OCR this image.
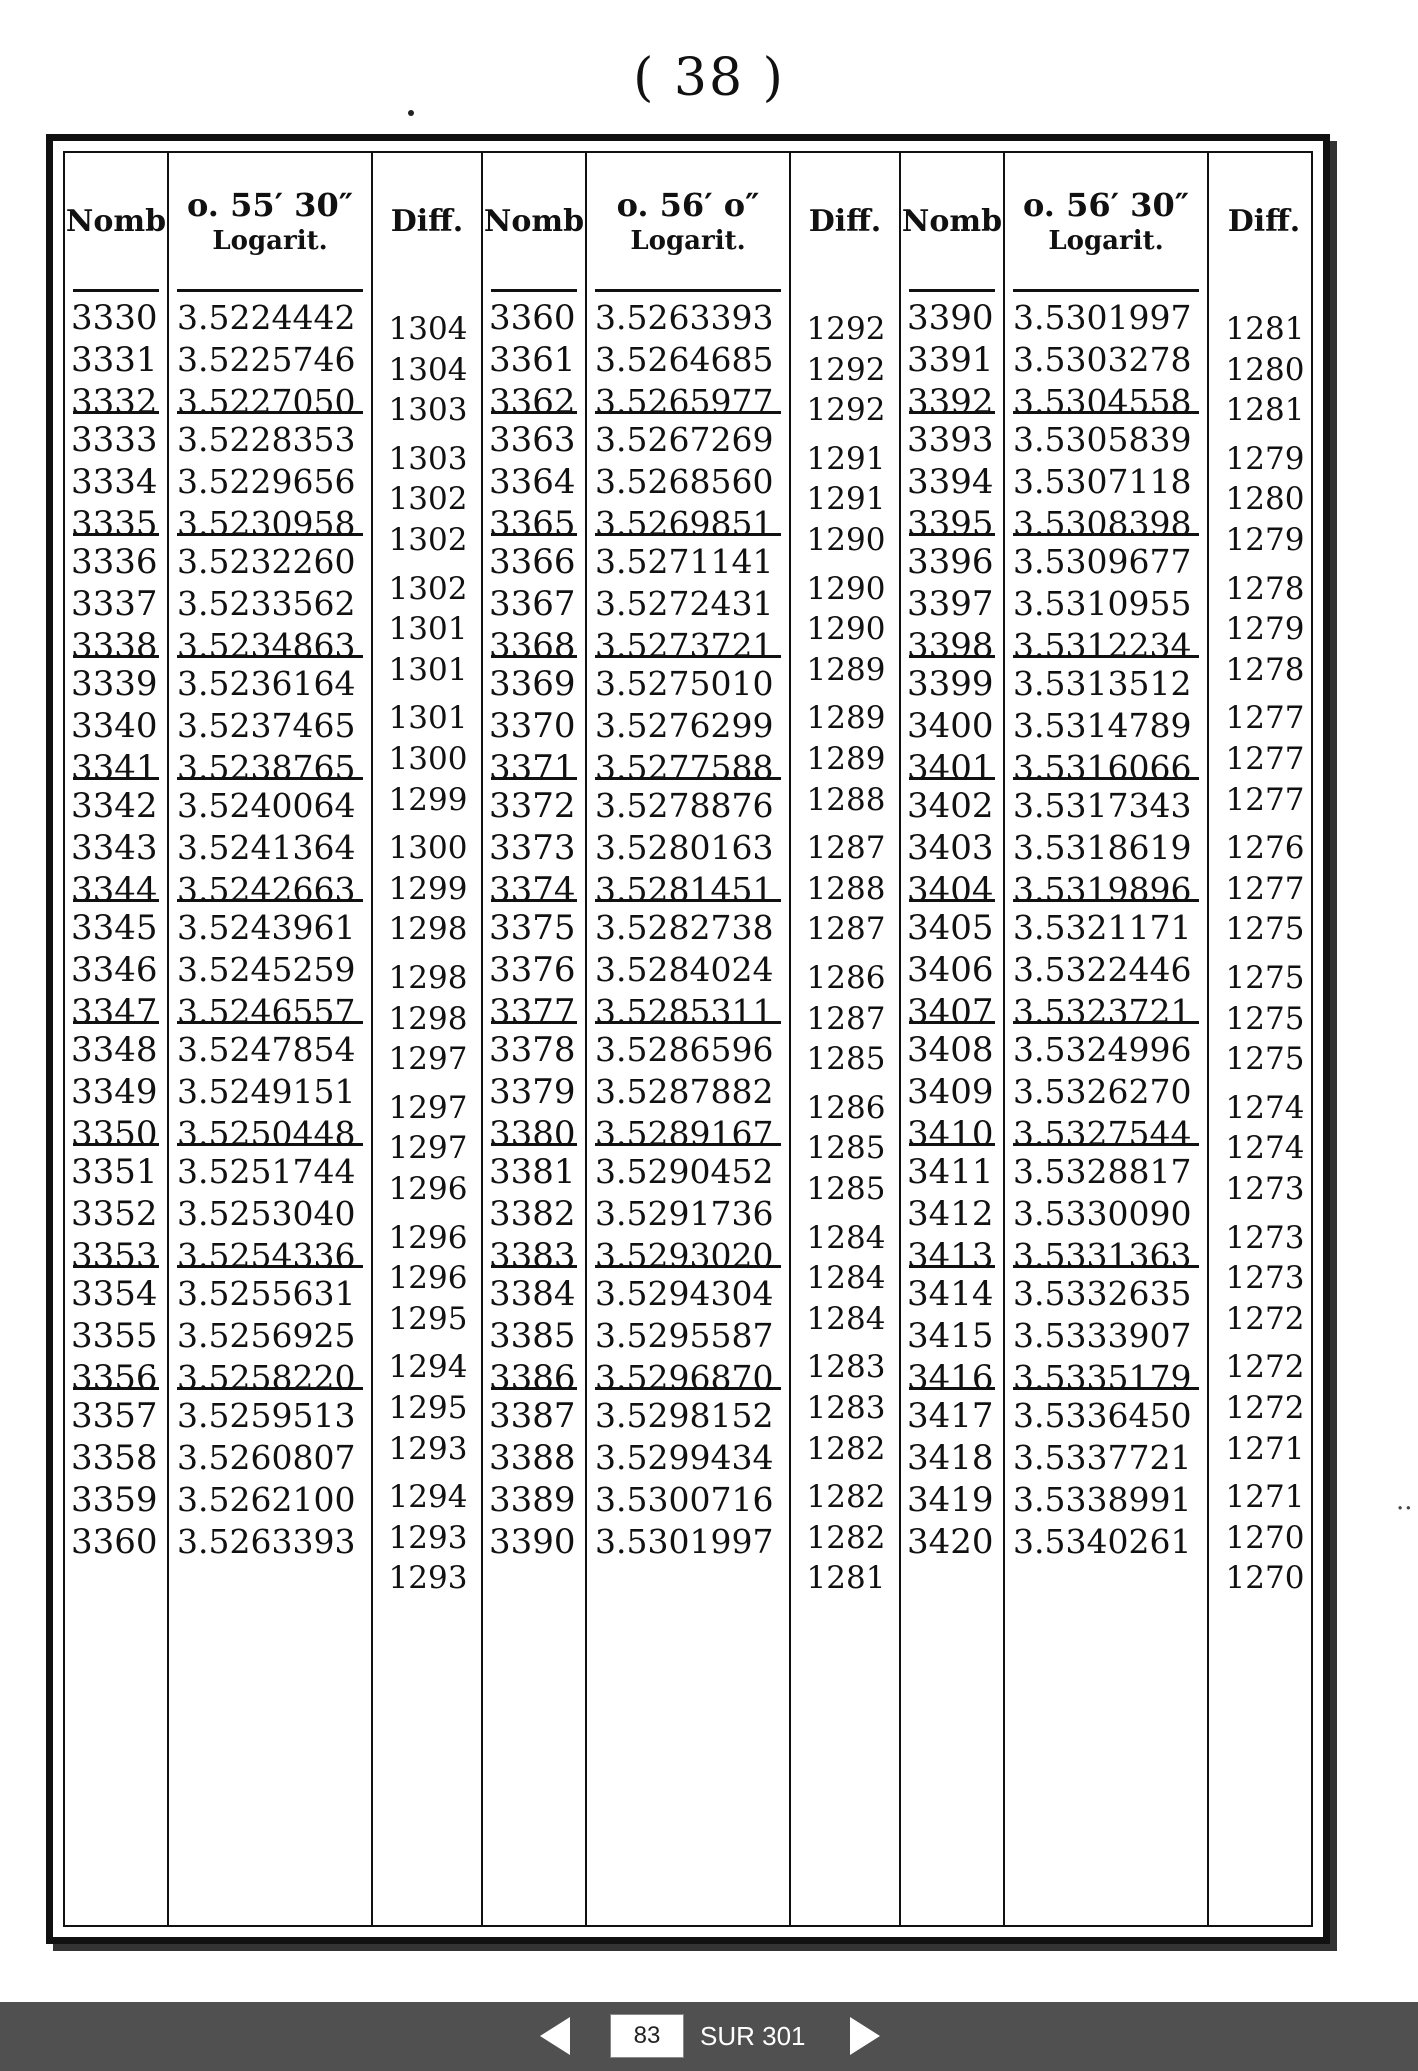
( 38 )
··
Nomb
3330
3331
3332
3333
3334
3335
3336
3337
3338
3339
3340
3341
3342
3343
3344
3345
3346
3347
3348
3349
3350
3351
3352
3353
3354
3355
3356
3357
3358
3359
3360
o. 55′ 30″
Logarit.
3.5224442
3.5225746
3.5227050
3.5228353
3.5229656
3.5230958
3.5232260
3.5233562
3.5234863
3.5236164
3.5237465
3.5238765
3.5240064
3.5241364
3.5242663
3.5243961
3.5245259
3.5246557
3.5247854
3.5249151
3.5250448
3.5251744
3.5253040
3.5254336
3.5255631
3.5256925
3.5258220
3.5259513
3.5260807
3.5262100
3.5263393
Diff.
1304
1304
1303
1303
1302
1302
1302
1301
1301
1301
1300
1299
1300
1299
1298
1298
1298
1297
1297
1297
1296
1296
1296
1295
1294
1295
1293
1294
1293
1293
Nomb
3360
3361
3362
3363
3364
3365
3366
3367
3368
3369
3370
3371
3372
3373
3374
3375
3376
3377
3378
3379
3380
3381
3382
3383
3384
3385
3386
3387
3388
3389
3390
o. 56′ o″
Logarit.
3.5263393
3.5264685
3.5265977
3.5267269
3.5268560
3.5269851
3.5271141
3.5272431
3.5273721
3.5275010
3.5276299
3.5277588
3.5278876
3.5280163
3.5281451
3.5282738
3.5284024
3.5285311
3.5286596
3.5287882
3.5289167
3.5290452
3.5291736
3.5293020
3.5294304
3.5295587
3.5296870
3.5298152
3.5299434
3.5300716
3.5301997
Diff.
1292
1292
1292
1291
1291
1290
1290
1290
1289
1289
1289
1288
1287
1288
1287
1286
1287
1285
1286
1285
1285
1284
1284
1284
1283
1283
1282
1282
1282
1281
Nomb
3390
3391
3392
3393
3394
3395
3396
3397
3398
3399
3400
3401
3402
3403
3404
3405
3406
3407
3408
3409
3410
3411
3412
3413
3414
3415
3416
3417
3418
3419
3420
o. 56′ 30″
Logarit.
3.5301997
3.5303278
3.5304558
3.5305839
3.5307118
3.5308398
3.5309677
3.5310955
3.5312234
3.5313512
3.5314789
3.5316066
3.5317343
3.5318619
3.5319896
3.5321171
3.5322446
3.5323721
3.5324996
3.5326270
3.5327544
3.5328817
3.5330090
3.5331363
3.5332635
3.5333907
3.5335179
3.5336450
3.5337721
3.5338991
3.5340261
Diff.
1281
1280
1281
1279
1280
1279
1278
1279
1278
1277
1277
1277
1276
1277
1275
1275
1275
1275
1274
1274
1273
1273
1273
1272
1272
1272
1271
1271
1270
1270
83
SUR 301
